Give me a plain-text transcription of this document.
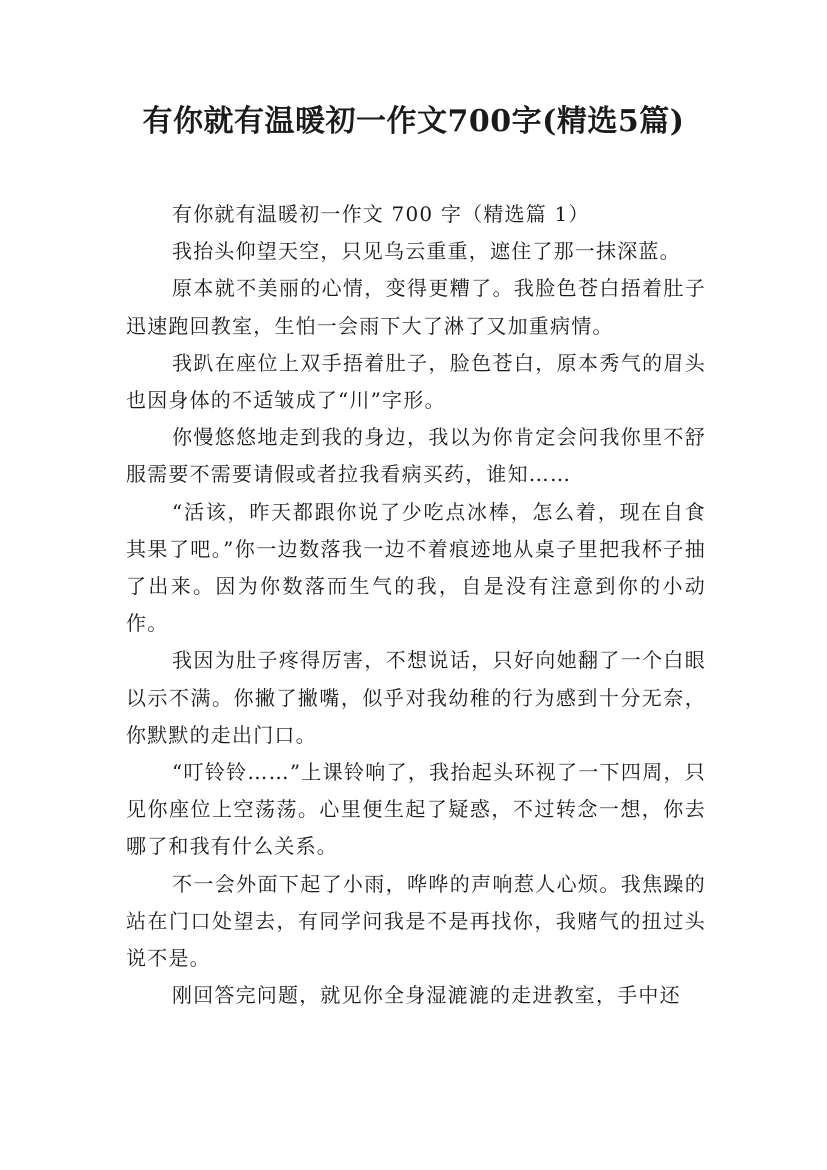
有你就有温暖初一作文700字(精选5篇)

有你就有温暖初一作文 700 字（精选篇 1）

我抬头仰望天空，只见乌云重重，遮住了那一抹深蓝。

原本就不美丽的心情，变得更糟了。我脸色苍白捂着肚子迅速跑回教室，生怕一会雨下大了淋了又加重病情。

我趴在座位上双手捂着肚子，脸色苍白，原本秀气的眉头也因身体的不适皱成了“川”字形。

你慢悠悠地走到我的身边，我以为你肯定会问我你里不舒服需要不需要请假或者拉我看病买药，谁知……

“活该，昨天都跟你说了少吃点冰棒，怎么着，现在自食其果了吧。”你一边数落我一边不着痕迹地从桌子里把我杯子抽了出来。因为你数落而生气的我，自是没有注意到你的小动作。

我因为肚子疼得厉害，不想说话，只好向她翻了一个白眼以示不满。你撇了撇嘴，似乎对我幼稚的行为感到十分无奈，你默默的走出门口。

“叮铃铃……”上课铃响了，我抬起头环视了一下四周，只见你座位上空荡荡。心里便生起了疑惑，不过转念一想，你去哪了和我有什么关系。

不一会外面下起了小雨，哗哗的声响惹人心烦。我焦躁的站在门口处望去，有同学问我是不是再找你，我赌气的扭过头说不是。

刚回答完问题，就见你全身湿漉漉的走进教室，手中还
